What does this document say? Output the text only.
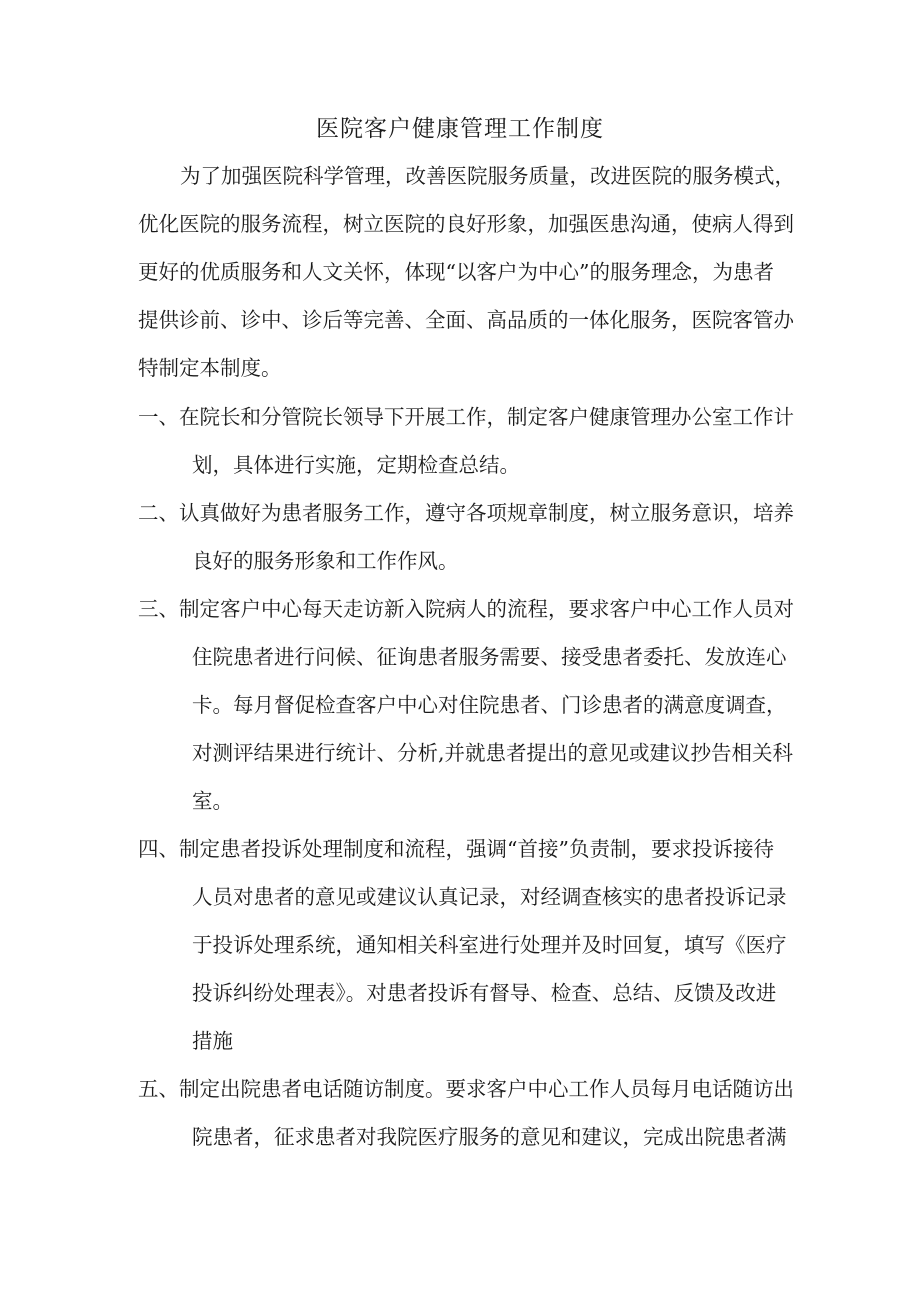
医院客户健康管理工作制度
为了加强医院科学管理，改善医院服务质量，改进医院的服务模式，
优化医院的服务流程，树立医院的良好形象，加强医患沟通，使病人得到
更好的优质服务和人文关怀，体现“以客户为中心”的服务理念，为患者
提供诊前、诊中、诊后等完善、全面、高品质的一体化服务，医院客管办
特制定本制度。
一、在院长和分管院长领导下开展工作，制定客户健康管理办公室工作计
划，具体进行实施，定期检查总结。
二、认真做好为患者服务工作，遵守各项规章制度，树立服务意识，培养
良好的服务形象和工作作风。
三、制定客户中心每天走访新入院病人的流程，要求客户中心工作人员对
住院患者进行问候、征询患者服务需要、接受患者委托、发放连心
卡。每月督促检查客户中心对住院患者、门诊患者的满意度调查，
对测评结果进行统计、分析,并就患者提出的意见或建议抄告相关科
室。
四、制定患者投诉处理制度和流程，强调“首接”负责制，要求投诉接待
人员对患者的意见或建议认真记录，对经调查核实的患者投诉记录
于投诉处理系统，通知相关科室进行处理并及时回复，填写《医疗
投诉纠纷处理表》。对患者投诉有督导、检查、总结、反馈及改进
措施
五、制定出院患者电话随访制度。要求客户中心工作人员每月电话随访出
院患者，征求患者对我院医疗服务的意见和建议，完成出院患者满
